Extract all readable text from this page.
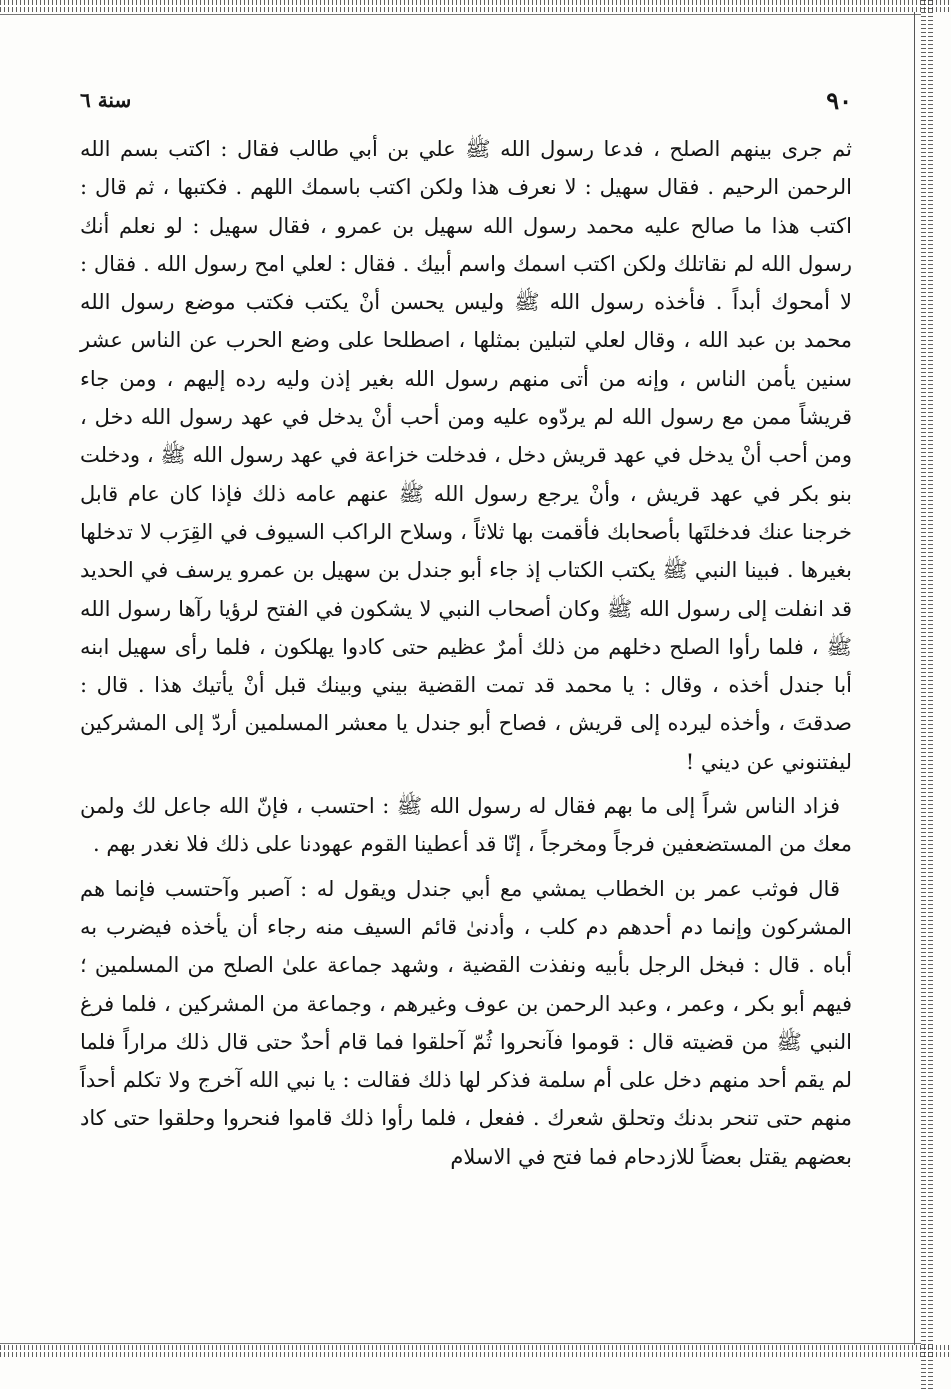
٩٠
سنة ٦

ثم جرى بينهم الصلح ، فدعا رسول الله ﷺ علي بن أبي طالب فقال : اكتب بسم الله الرحمن الرحيم . فقال سهيل : لا نعرف هذا ولكن اكتب باسمك اللهم . فكتبها ، ثم قال : اكتب هذا ما صالح عليه محمد رسول الله سهيل بن عمرو ، فقال سهيل : لو نعلم أنك رسول الله لم نقاتلك ولكن اكتب اسمك واسم أبيك . فقال : لعلي امح رسول الله . فقال : لا أمحوك أبداً . فأخذه رسول الله ﷺ وليس يحسن أنْ يكتب فكتب موضع رسول الله محمد بن عبد الله ، وقال لعلي لتبلين بمثلها ، اصطلحا على وضع الحرب عن الناس عشر سنين يأمن الناس ، وإنه من أتى منهم رسول الله بغير إذن وليه رده إليهم ، ومن جاء قريشاً ممن مع رسول الله لم يردّوه عليه ومن أحب أنْ يدخل في عهد رسول الله دخل ، ومن أحب أنْ يدخل في عهد قريش دخل ، فدخلت خزاعة في عهد رسول الله ﷺ ، ودخلت بنو بكر في عهد قريش ، وأنْ يرجع رسول الله ﷺ عنهم عامه ذلك فإذا كان عام قابل خرجنا عنك فدخلتَها بأصحابك فأقمت بها ثلاثاً ، وسلاح الراكب السيوف في القِرَب لا تدخلها بغيرها . فبينا النبي ﷺ يكتب الكتاب إذ جاء أبو جندل بن سهيل بن عمرو يرسف في الحديد قد انفلت إلى رسول الله ﷺ وكان أصحاب النبي لا يشكون في الفتح لرؤيا رآها رسول الله ﷺ ، فلما رأوا الصلح دخلهم من ذلك أمرٌ عظيم حتى كادوا يهلكون ، فلما رأى سهيل ابنه أبا جندل أخذه ، وقال : يا محمد قد تمت القضية بيني وبينك قبل أنْ يأتيك هذا . قال : صدقتَ ، وأخذه ليرده إلى قريش ، فصاح أبو جندل يا معشر المسلمين أردّ إلى المشركين ليفتنوني عن ديني !

فزاد الناس شراً إلى ما بهم فقال له رسول الله ﷺ : احتسب ، فإنّ الله جاعل لك ولمن معك من المستضعفين فرجاً ومخرجاً ، إنّا قد أعطينا القوم عهودنا على ذلك فلا نغدر بهم .

قال فوثب عمر بن الخطاب يمشي مع أبي جندل ويقول له : آصبر وآحتسب فإنما هم المشركون وإنما دم أحدهم دم كلب ، وأدنىٰ قائم السيف منه رجاء أن يأخذه فيضرب به أباه . قال : فبخل الرجل بأبيه ونفذت القضية ، وشهد جماعة علىٰ الصلح من المسلمين ؛ فيهم أبو بكر ، وعمر ، وعبد الرحمن بن عوف وغيرهم ، وجماعة من المشركين ، فلما فرغ النبي ﷺ من قضيته قال : قوموا فآنحروا ثُمّ آحلقوا فما قام أحدٌ حتى قال ذلك مراراً فلما لم يقم أحد منهم دخل على أم سلمة فذكر لها ذلك فقالت : يا نبي الله آخرج ولا تكلم أحداً منهم حتى تنحر بدنك وتحلق شعرك . ففعل ، فلما رأوا ذلك قاموا فنحروا وحلقوا حتى كاد بعضهم يقتل بعضاً للازدحام فما فتح في الاسلام
